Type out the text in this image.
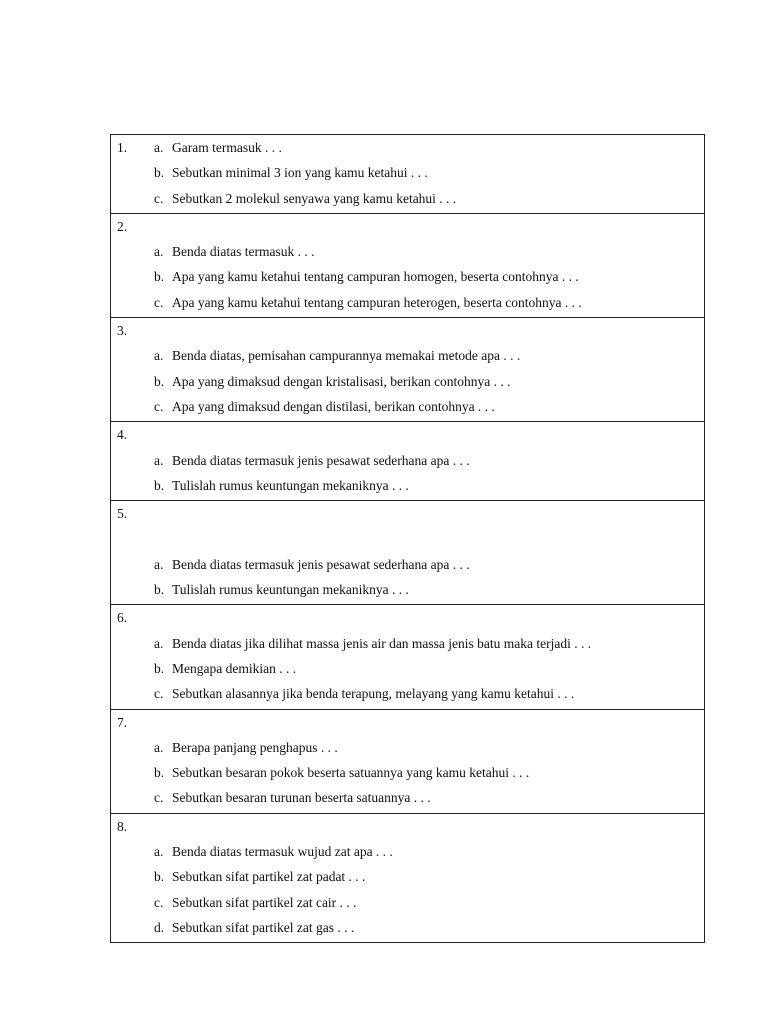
1. a. Garam termasuk . . .
b. Sebutkan minimal 3 ion yang kamu ketahui . . .
c. Sebutkan 2 molekul senyawa yang kamu ketahui . . .
2.
a. Benda diatas termasuk . . .
b. Apa yang kamu ketahui tentang campuran homogen, beserta contohnya . . .
c. Apa yang kamu ketahui tentang campuran heterogen, beserta contohnya . . .
3.
a. Benda diatas, pemisahan campurannya memakai metode apa . . .
b. Apa yang dimaksud dengan kristalisasi, berikan contohnya . . .
c. Apa yang dimaksud dengan distilasi, berikan contohnya . . .
4.
a. Benda diatas termasuk jenis pesawat sederhana apa . . .
b. Tulislah rumus keuntungan mekaniknya . . .
5.
a. Benda diatas termasuk jenis pesawat sederhana apa . . .
b. Tulislah rumus keuntungan mekaniknya . . .
6.
a. Benda diatas jika dilihat massa jenis air dan massa jenis batu maka terjadi . . .
b. Mengapa demikian . . .
c. Sebutkan alasannya jika benda terapung, melayang yang kamu ketahui . . .
7.
a. Berapa panjang penghapus . . .
b. Sebutkan besaran pokok beserta satuannya yang kamu ketahui . . .
c. Sebutkan besaran turunan beserta satuannya . . .
8.
a. Benda diatas termasuk wujud zat apa . . .
b. Sebutkan sifat partikel zat padat . . .
c. Sebutkan sifat partikel zat cair . . .
d. Sebutkan sifat partikel zat gas . . .
